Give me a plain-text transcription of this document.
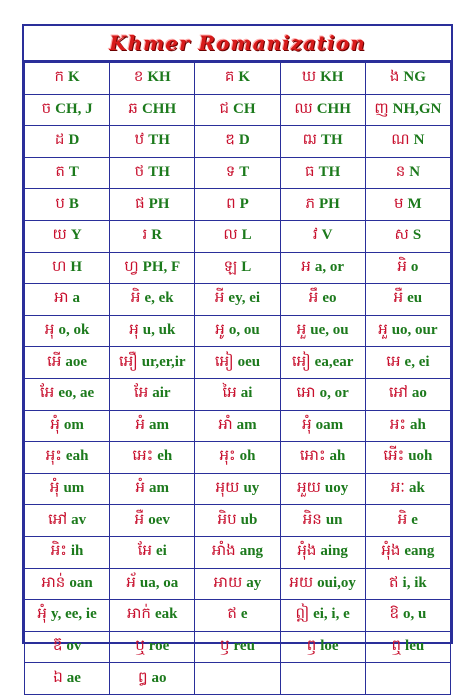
Khmer Romanization
ក K	ខ KH	គ K	ឃ KH	ង NG
ច CH, J	ឆ CHH	ជ CH	ឈ CHH	ញ NH,GN
ដ D	ឋ TH	ឌ D	ឍ TH	ណ N
ត T	ថ TH	ទ T	ធ TH	ន N
ប B	ផ PH	ព P	ភ PH	ម M
យ Y	រ R	ល L	វ V	ស S
ហ H	ហ្វ PH, F	ឡ L	អ a, or	អិ o
អា a	អិ e, ek	អី ey, ei	អឹ eo	អឺ eu
អុ o, ok	អុ u, uk	អូ o, ou	អួ ue, ou	អួ uo, our
អើ aoe	អឿ ur,er,ir	អៀ oeu	អៀ ea,ear	អេ e, ei
អែ eo, ae	អែ air	អៃ ai	អោ o, or	អៅ ao
អុំ om	អំ am	អាំ am	អុំ oam	អះ ah
អុះ eah	អេះ eh	អុះ oh	អោះ ah	អើះ uoh
អុំ um	អំ am	អុយ uy	អួយ uoy	អៈ ak
អៅ av	អឺ oev	អិប ub	អិន un	អិ e
អិះ ih	អែ ei	អាំង ang	អុំង aing	អុំង eang
អាន់ oan	អ័ ua, oa	អាយ ay	អយ oui,oy	ឥ i, ik
អុំ y, ee, ie	អាក់ eak	ឥ e	ឦ ei, i, e	ឱ o, u
ឨ ov	ឬ roe	ឫ reu	ឭ loe	ឮ leu
ឯ ae	ឰ ao			
